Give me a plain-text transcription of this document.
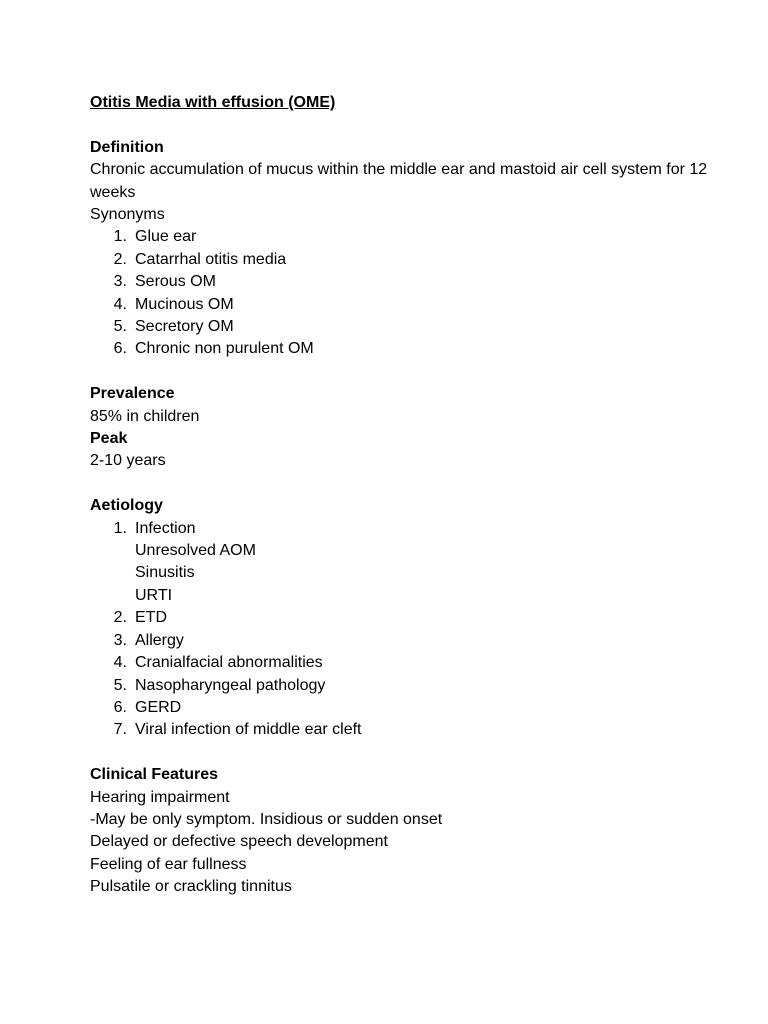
Otitis Media with effusion (OME)
Definition
Chronic accumulation of mucus within the middle ear and mastoid air cell system for 12 weeks
Synonyms
1. Glue ear
2. Catarrhal otitis media
3. Serous OM
4. Mucinous OM
5. Secretory OM
6. Chronic non purulent OM
Prevalence
85% in children
Peak
2-10 years
Aetiology
1. Infection
Unresolved AOM
Sinusitis
URTI
2. ETD
3. Allergy
4. Cranialfacial abnormalities
5. Nasopharyngeal pathology
6. GERD
7. Viral infection of middle ear cleft
Clinical Features
Hearing impairment
-May be only symptom. Insidious or sudden onset
Delayed or defective speech development
Feeling of ear fullness
Pulsatile or crackling tinnitus
